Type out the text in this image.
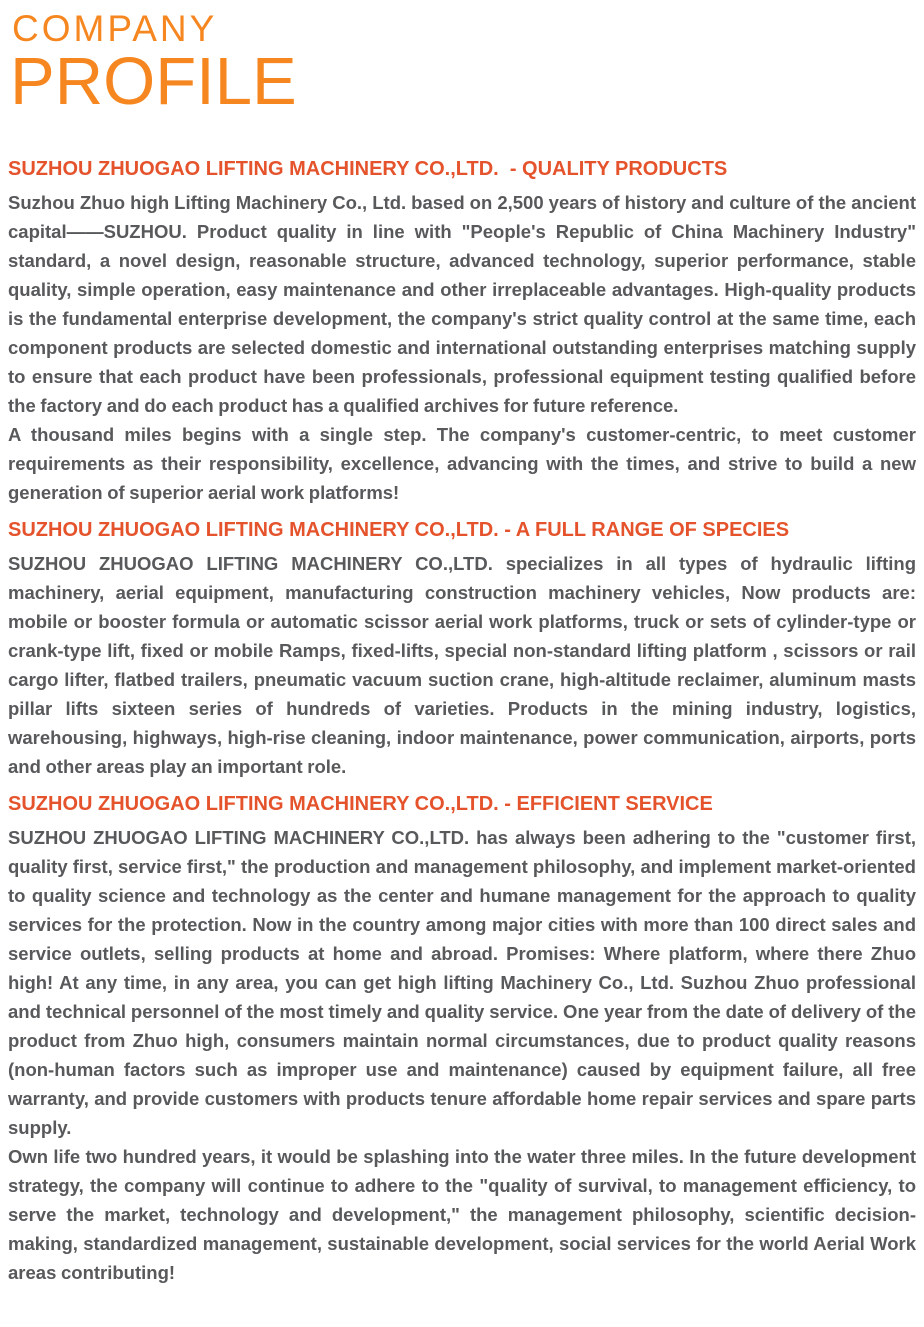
COMPANY
PROFILE
SUZHOU ZHUOGAO LIFTING MACHINERY CO.,LTD.  - QUALITY PRODUCTS

Suzhou Zhuo high Lifting Machinery Co., Ltd. based on 2,500 years of history and culture of the ancient capital——SUZHOU. Product quality in line with "People's Republic of China Machinery Industry" standard, a novel design, reasonable structure, advanced technology, superior performance, stable quality, simple operation, easy maintenance and other irreplaceable advantages. High-quality products is the fundamental enterprise development, the company's strict quality control at the same time, each component products are selected domestic and international outstanding enterprises matching supply to ensure that each product have been professionals, professional equipment testing qualified before the factory and do each product has a qualified archives for future reference.

A thousand miles begins with a single step. The company's customer-centric, to meet customer requirements as their responsibility, excellence, advancing with the times, and strive to build a new generation of superior aerial work platforms!

SUZHOU ZHUOGAO LIFTING MACHINERY CO.,LTD. - A FULL RANGE OF SPECIES

SUZHOU ZHUOGAO LIFTING MACHINERY CO.,LTD. specializes in all types of hydraulic lifting machinery, aerial equipment, manufacturing construction machinery vehicles, Now products are: mobile or booster formula or automatic scissor aerial work platforms, truck or sets of cylinder-type or crank-type lift, fixed or mobile Ramps, fixed-lifts, special non-standard lifting platform , scissors or rail cargo lifter, flatbed trailers, pneumatic vacuum suction crane, high-altitude reclaimer, aluminum masts pillar lifts sixteen series of hundreds of varieties. Products in the mining industry, logistics, warehousing, highways, high-rise cleaning, indoor maintenance, power communication, airports, ports and other areas play an important role.

SUZHOU ZHUOGAO LIFTING MACHINERY CO.,LTD. - EFFICIENT SERVICE

SUZHOU ZHUOGAO LIFTING MACHINERY CO.,LTD. has always been adhering to the "customer first, quality first, service first," the production and management philosophy, and implement market-oriented to quality science and technology as the center and humane management for the approach to quality services for the protection. Now in the country among major cities with more than 100 direct sales and service outlets, selling products at home and abroad. Promises: Where platform, where there Zhuo high! At any time, in any area, you can get high lifting Machinery Co., Ltd. Suzhou Zhuo professional and technical personnel of the most timely and quality service. One year from the date of delivery of the product from Zhuo high, consumers maintain normal circumstances, due to product quality reasons (non-human factors such as improper use and maintenance) caused by equipment failure, all free warranty, and provide customers with products tenure affordable home repair services and spare parts supply.

Own life two hundred years, it would be splashing into the water three miles. In the future development strategy, the company will continue to adhere to the "quality of survival, to management efficiency, to serve the market, technology and development," the management philosophy, scientific decision-making, standardized management, sustainable development, social services for the world Aerial Work areas contributing!
